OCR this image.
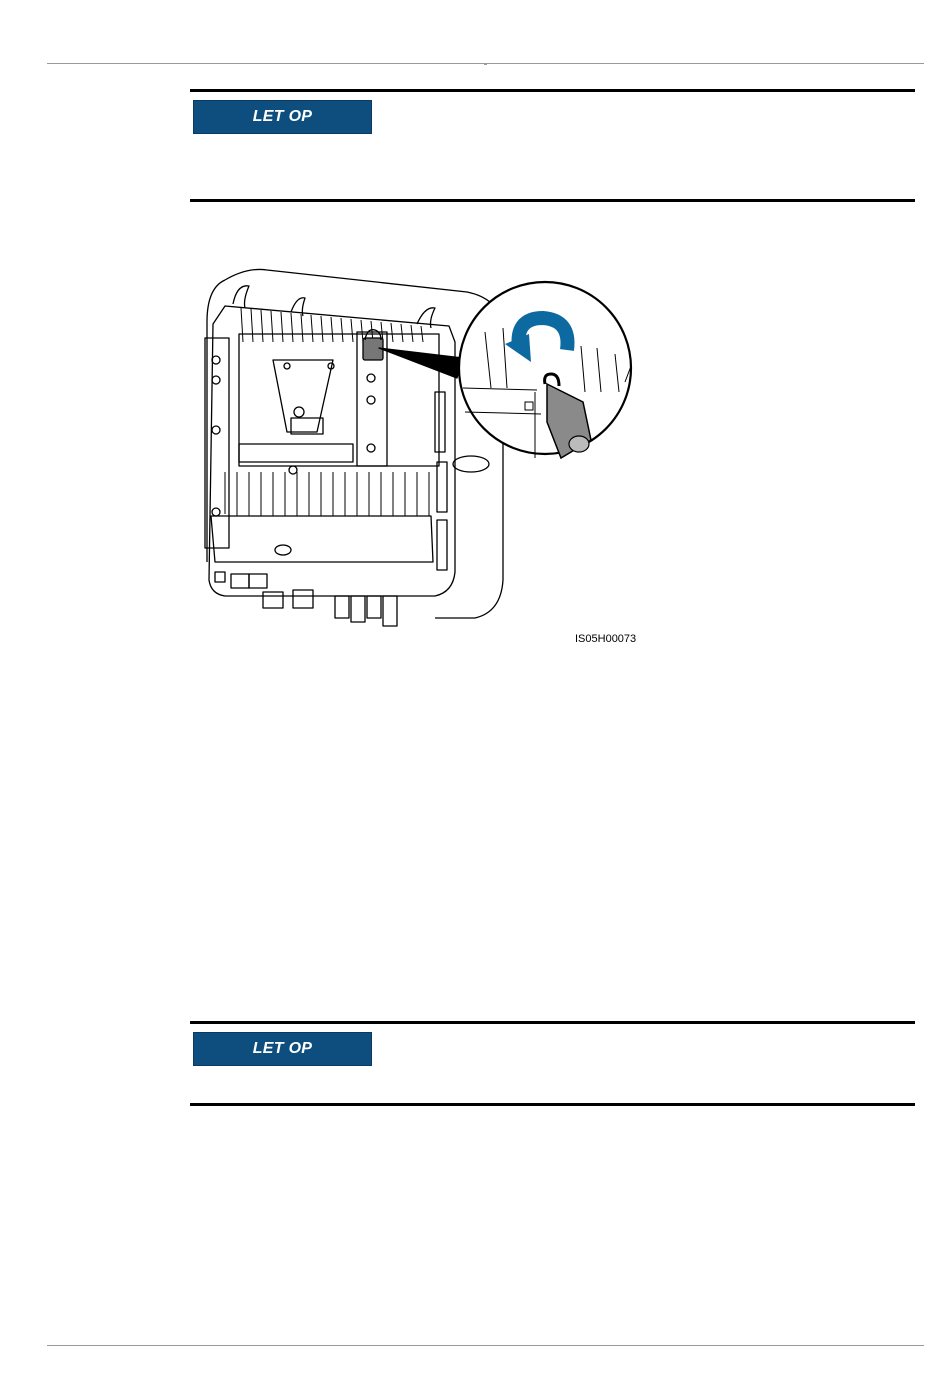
LET OP
IS05H00073
LET OP
